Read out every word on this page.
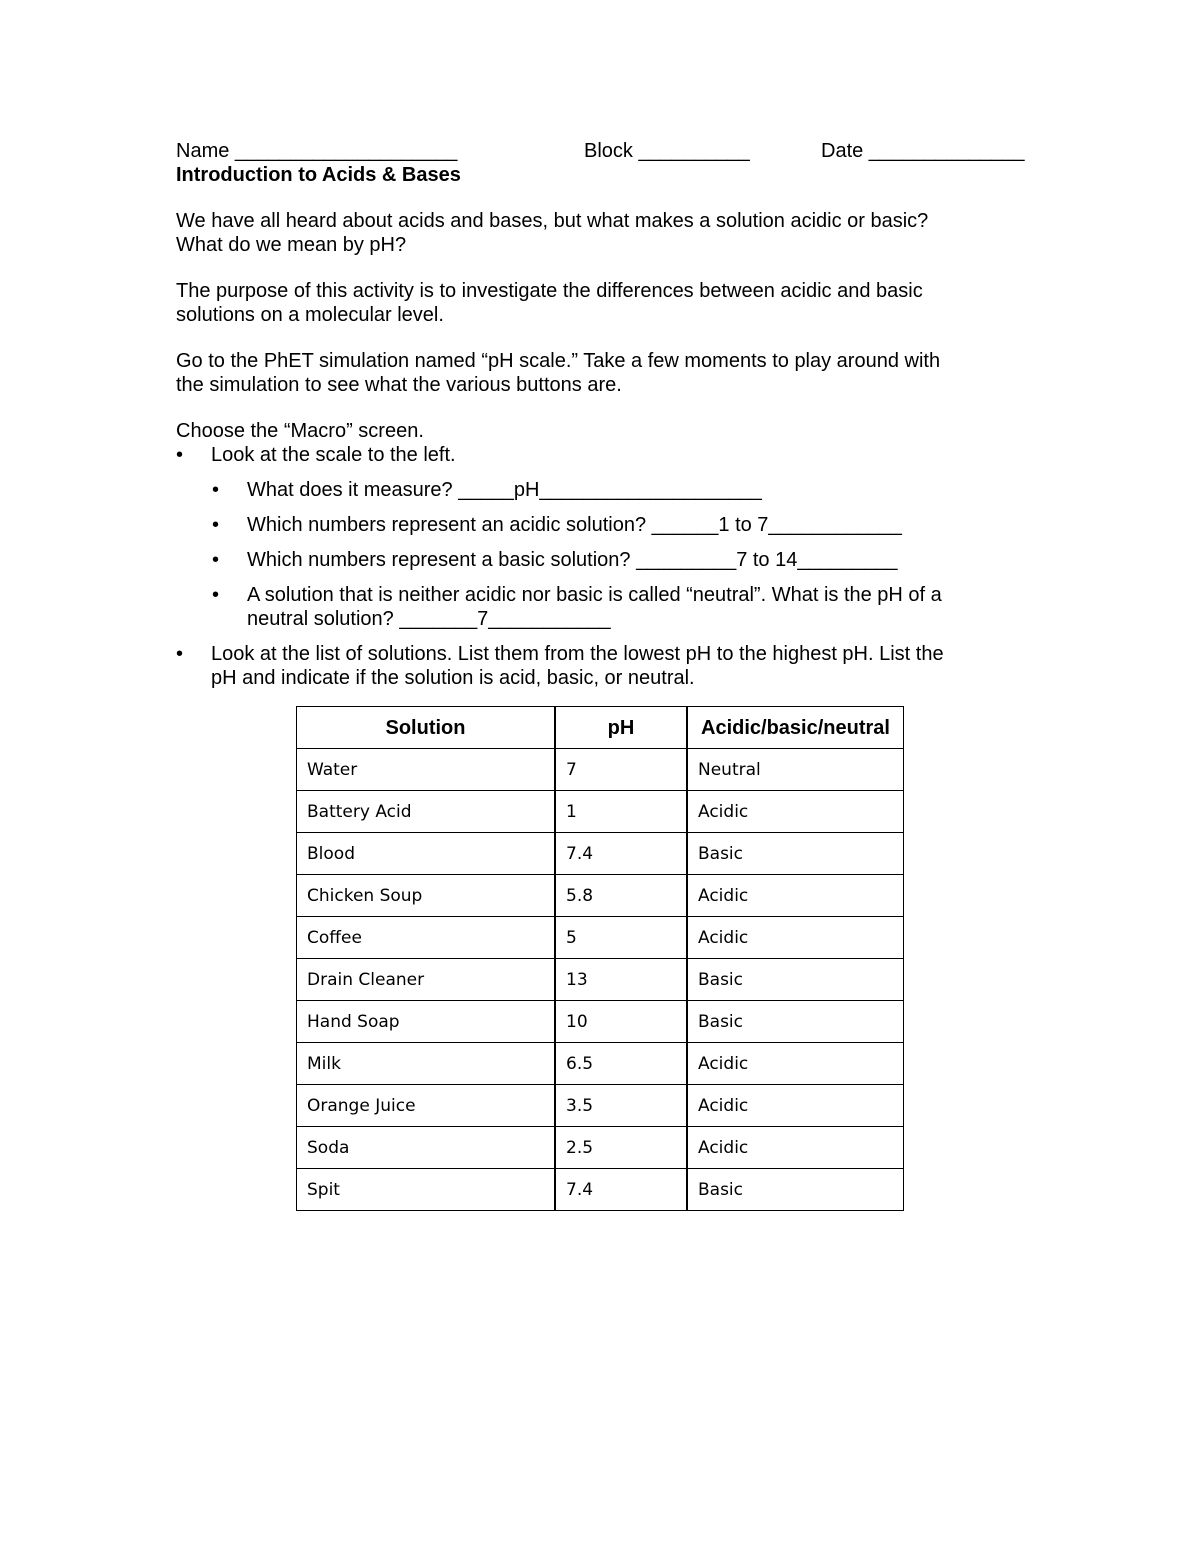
Name ____________________	Block __________	Date ______________

Introduction to Acids & Bases

We have all heard about acids and bases, but what makes a solution acidic or basic?

What do we mean by pH?

The purpose of this activity is to investigate the differences between acidic and basic

solutions on a molecular level.

Go to the PhET simulation named “pH scale.” Take a few moments to play around with

the simulation to see what the various buttons are.

Choose the “Macro” screen.

• Look at the scale to the left.
• What does it measure? _____pH____________________
• Which numbers represent an acidic solution? ______1 to 7____________
• Which numbers represent a basic solution? _________7 to 14_________
• A solution that is neither acidic nor basic is called “neutral”. What is the pH of a
neutral solution? _______7___________
• Look at the list of solutions. List them from the lowest pH to the highest pH. List the
pH and indicate if the solution is acid, basic, or neutral.
Solution	pH	Acidic/basic/neutral
Water	7	Neutral
Battery Acid	1	Acidic
Blood	7.4	Basic
Chicken Soup	5.8	Acidic
Coffee	5	Acidic
Drain Cleaner	13	Basic
Hand Soap	10	Basic
Milk	6.5	Acidic
Orange Juice	3.5	Acidic
Soda	2.5	Acidic
Spit	7.4	Basic
